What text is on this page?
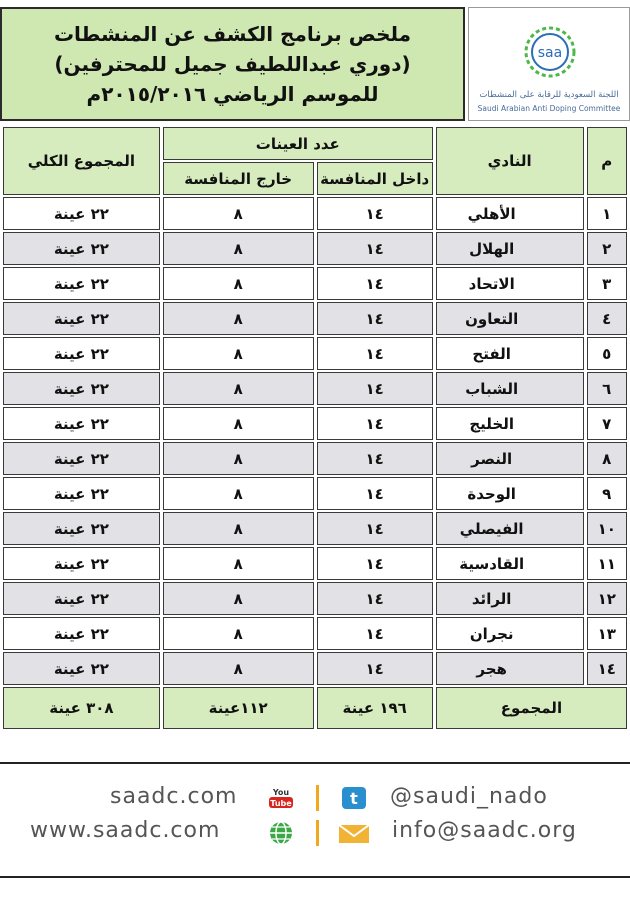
ملخص برنامج الكشف عن المنشطات
(دوري عبداللطيف جميل للمحترفين)
للموسم الرياضي ٢٠١٥/٢٠١٦م
saa
اللجنة السعودية للرقابة على المنشطات
Saudi Arabian Anti Doping Committee
المجموع الكلي	عدد العينات		النادي	م
	خارج المنافسة	داخل المنافسة		
٢٢ عينة	٨	١٤	الأهلي	١
٢٢ عينة	٨	١٤	الهلال	٢
٢٢ عينة	٨	١٤	الاتحاد	٣
٢٢ عينة	٨	١٤	التعاون	٤
٢٢ عينة	٨	١٤	الفتح	٥
٢٢ عينة	٨	١٤	الشباب	٦
٢٢ عينة	٨	١٤	الخليج	٧
٢٢ عينة	٨	١٤	النصر	٨
٢٢ عينة	٨	١٤	الوحدة	٩
٢٢ عينة	٨	١٤	الفيصلي	١٠
٢٢ عينة	٨	١٤	القادسية	١١
٢٢ عينة	٨	١٤	الرائد	١٢
٢٢ عينة	٨	١٤	نجران	١٣
٢٢ عينة	٨	١٤	هجر	١٤
٣٠٨ عينة	١١٢عينة	١٩٦ عينة	المجموع	
saadc.com	You
Tube	t @saudi_nado
www.saadc.com	info@saadc.org
